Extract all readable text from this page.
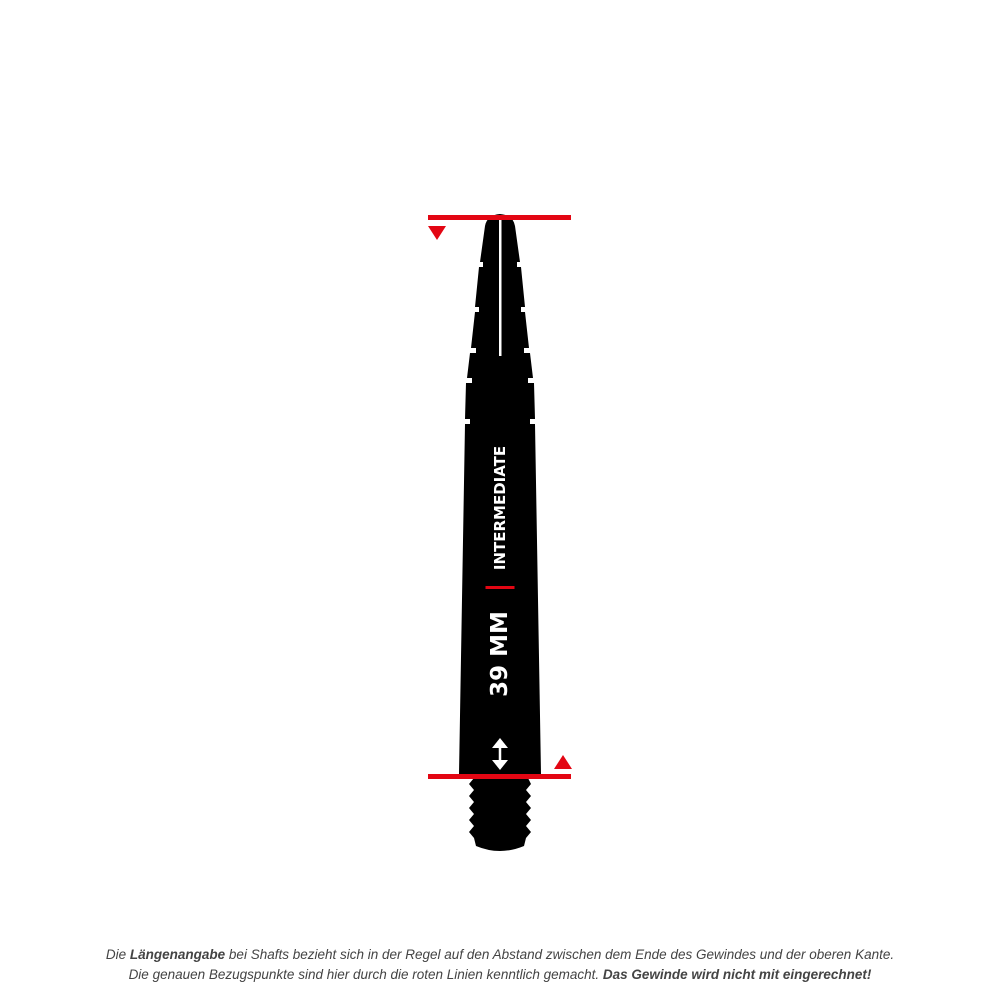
INTERMEDIATE
39 MM
Die Längenangabe bei Shafts bezieht sich in der Regel auf den Abstand zwischen dem Ende des Gewindes und der oberen Kante.
Die genauen Bezugspunkte sind hier durch die roten Linien kenntlich gemacht. Das Gewinde wird nicht mit eingerechnet!
